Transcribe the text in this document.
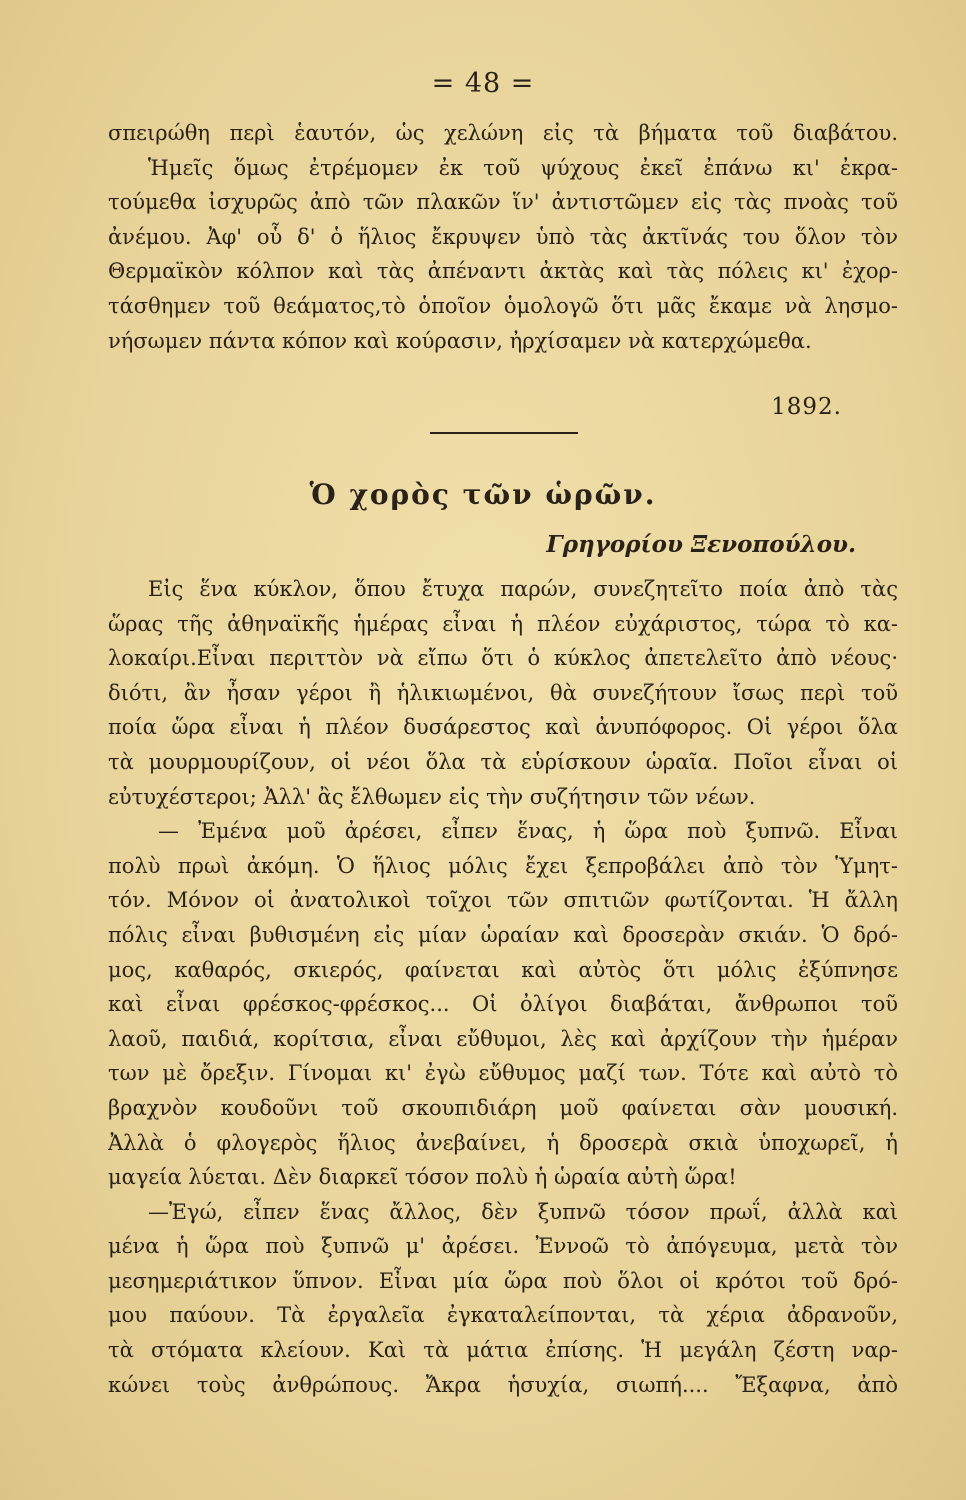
= 48 =
σπειρώθη περὶ ἑαυτόν, ὡς χελώνη εἰς τὰ βήματα τοῦ διαβάτου.
Ἡμεῖς ὅμως ἐτρέμομεν ἐκ τοῦ ψύχους ἐκεῖ ἐπάνω κι' ἐκρα-
τούμεθα ἰσχυρῶς ἀπὸ τῶν πλακῶν ἵν' ἀντιστῶμεν εἰς τὰς πνοὰς τοῦ
ἀνέμου. Ἀφ' οὗ δ' ὁ ἥλιος ἔκρυψεν ὑπὸ τὰς ἀκτῖνάς του ὅλον τὸν
Θερμαϊκὸν κόλπον καὶ τὰς ἀπέναντι ἀκτὰς καὶ τὰς πόλεις κι' ἐχορ-
τάσθημεν τοῦ θεάματος,τὸ ὁποῖον ὁμολογῶ ὅτι μᾶς ἔκαμε νὰ λησμο-
νήσωμεν πάντα κόπον καὶ κούρασιν, ἠρχίσαμεν νὰ κατερχώμεθα.
1892.
Ὁ χορὸς τῶν ὡρῶν.
Γρηγορίου Ξενοπούλου.
Εἰς ἕνα κύκλον, ὅπου ἔτυχα παρών, συνεζητεῖτο ποία ἀπὸ τὰς
ὥρας τῆς ἀθηναϊκῆς ἡμέρας εἶναι ἡ πλέον εὐχάριστος, τώρα τὸ κα-
λοκαίρι.Εἶναι περιττὸν νὰ εἴπω ὅτι ὁ κύκλος ἀπετελεῖτο ἀπὸ νέους·
διότι, ἂν ἦσαν γέροι ἢ ἡλικιωμένοι, θὰ συνεζήτουν ἴσως περὶ τοῦ
ποία ὥρα εἶναι ἡ πλέον δυσάρεστος καὶ ἀνυπόφορος. Οἱ γέροι ὅλα
τὰ μουρμουρίζουν, οἱ νέοι ὅλα τὰ εὑρίσκουν ὡραῖα. Ποῖοι εἶναι οἱ
εὐτυχέστεροι; Ἀλλ' ἂς ἔλθωμεν εἰς τὴν συζήτησιν τῶν νέων.
— Ἐμένα μοῦ ἀρέσει, εἶπεν ἕνας, ἡ ὥρα ποὺ ξυπνῶ. Εἶναι
πολὺ πρωὶ ἀκόμη. Ὁ ἥλιος μόλις ἔχει ξεπροβάλει ἀπὸ τὸν Ὑμητ-
τόν. Μόνον οἱ ἀνατολικοὶ τοῖχοι τῶν σπιτιῶν φωτίζονται. Ἡ ἄλλη
πόλις εἶναι βυθισμένη εἰς μίαν ὡραίαν καὶ δροσερὰν σκιάν. Ὁ δρό-
μος, καθαρός, σκιερός, φαίνεται καὶ αὐτὸς ὅτι μόλις ἐξύπνησε
καὶ εἶναι φρέσκος-φρέσκος... Οἱ ὀλίγοι διαβάται, ἄνθρωποι τοῦ
λαοῦ, παιδιά, κορίτσια, εἶναι εὔθυμοι, λὲς καὶ ἀρχίζουν τὴν ἡμέραν
των μὲ ὄρεξιν. Γίνομαι κι' ἐγὼ εὔθυμος μαζί των. Τότε καὶ αὐτὸ τὸ
βραχνὸν κουδοῦνι τοῦ σκουπιδιάρη μοῦ φαίνεται σὰν μουσική.
Ἀλλὰ ὁ φλογερὸς ἥλιος ἀνεβαίνει, ἡ δροσερὰ σκιὰ ὑποχωρεῖ, ἡ
μαγεία λύεται. Δὲν διαρκεῖ τόσον πολὺ ἡ ὡραία αὐτὴ ὥρα!
—Ἐγώ, εἶπεν ἕνας ἄλλος, δὲν ξυπνῶ τόσον πρωΐ, ἀλλὰ καὶ
μένα ἡ ὥρα ποὺ ξυπνῶ μ' ἀρέσει. Ἐννοῶ τὸ ἀπόγευμα, μετὰ τὸν
μεσημεριάτικον ὕπνον. Εἶναι μία ὥρα ποὺ ὅλοι οἱ κρότοι τοῦ δρό-
μου παύουν. Τὰ ἐργαλεῖα ἐγκαταλείπονται, τὰ χέρια ἀδρανοῦν,
τὰ στόματα κλείουν. Καὶ τὰ μάτια ἐπίσης. Ἡ μεγάλη ζέστη ναρ-
κώνει τοὺς ἀνθρώπους. Ἄκρα ἡσυχία, σιωπή.... Ἔξαφνα, ἀπὸ
